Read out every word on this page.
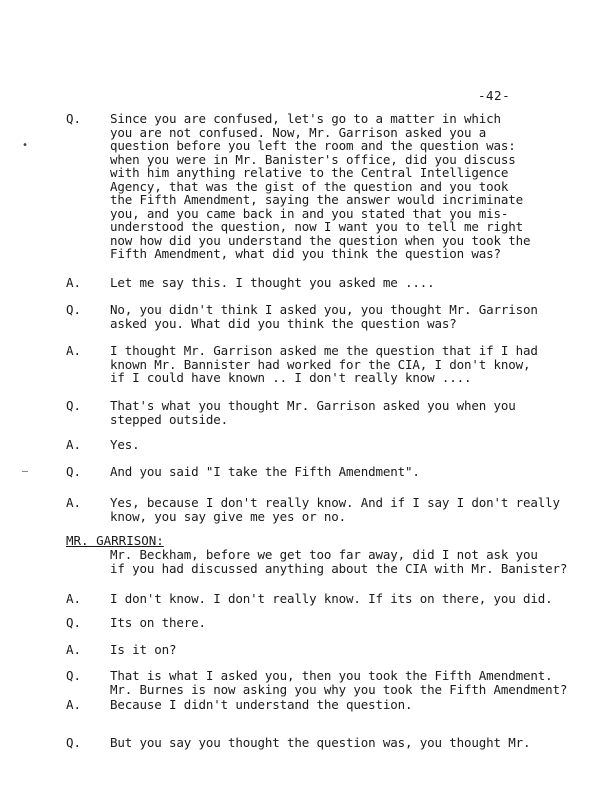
-42-
•
–
Q. Since you are confused, let's go to a matter in which
you are not confused. Now, Mr. Garrison asked you a
question before you left the room and the question was:
when you were in Mr. Banister's office, did you discuss
with him anything relative to the Central Intelligence
Agency, that was the gist of the question and you took
the Fifth Amendment, saying the answer would incriminate
you, and you came back in and you stated that you mis-
understood the question, now I want you to tell me right
now how did you understand the question when you took the
Fifth Amendment, what did you think the question was?
A. Let me say this. I thought you asked me ....
Q. No, you didn't think I asked you, you thought Mr. Garrison
asked you. What did you think the question was?
A. I thought Mr. Garrison asked me the question that if I had
known Mr. Bannister had worked for the CIA, I don't know,
if I could have known .. I don't really know ....
Q. That's what you thought Mr. Garrison asked you when you
stepped outside.
A. Yes.
Q. And you said "I take the Fifth Amendment".
A. Yes, because I don't really know. And if I say I don't really
know, you say give me yes or no.
MR. GARRISON:
Mr. Beckham, before we get too far away, did I not ask you
if you had discussed anything about the CIA with Mr. Banister?
A. I don't know. I don't really know. If its on there, you did.
Q. Its on there.
A. Is it on?
Q. That is what I asked you, then you took the Fifth Amendment.
Mr. Burnes is now asking you why you took the Fifth Amendment?
A. Because I didn't understand the question.
Q. But you say you thought the question was, you thought Mr.
